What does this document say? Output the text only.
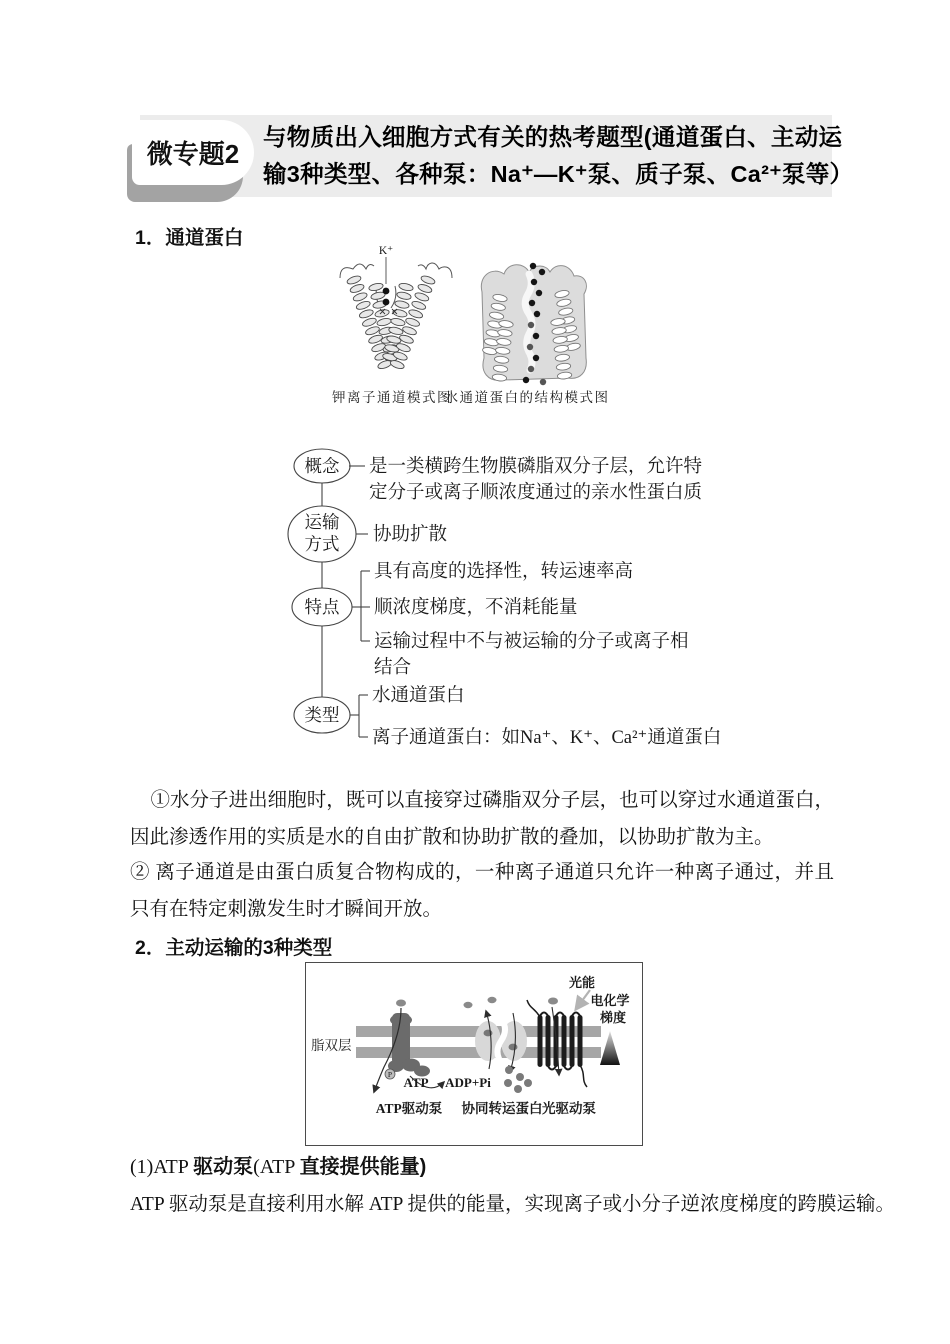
与物质出入细胞方式有关的热考题型(通道蛋白、主动运
输3种类型、各种泵：Na⁺—K⁺泵、质子泵、Ca²⁺泵等）
微专题2
1．通道蛋白
K⁺
钾离子通道模式图
水通道蛋白的结构模式图
概念
运输
方式
特点
类型
是一类横跨生物膜磷脂双分子层，允许特
定分子或离子顺浓度通过的亲水性蛋白质
协助扩散
具有高度的选择性，转运速率高
顺浓度梯度，不消耗能量
运输过程中不与被运输的分子或离子相
结合
水通道蛋白
离子通道蛋白：如Na⁺、K⁺、Ca²⁺通道蛋白

①水分子进出细胞时，既可以直接穿过磷脂双分子层，也可以穿过水通道蛋白，因此渗透作用的实质是水的自由扩散和协助扩散的叠加，以协助扩散为主。

② 离子通道是由蛋白质复合物构成的，一种离子通道只允许一种离子通过，并且只有在特定刺激发生时才瞬间开放。

2．主动运输的3种类型
脂双层
P
ATP ADP+Pi
光能
电化学
梯度
ATP驱动泵 协同转运蛋白 光驱动泵

(1)ATP 驱动泵(ATP 直接提供能量)

ATP 驱动泵是直接利用水解 ATP 提供的能量，实现离子或小分子逆浓度梯度的跨膜运输。
